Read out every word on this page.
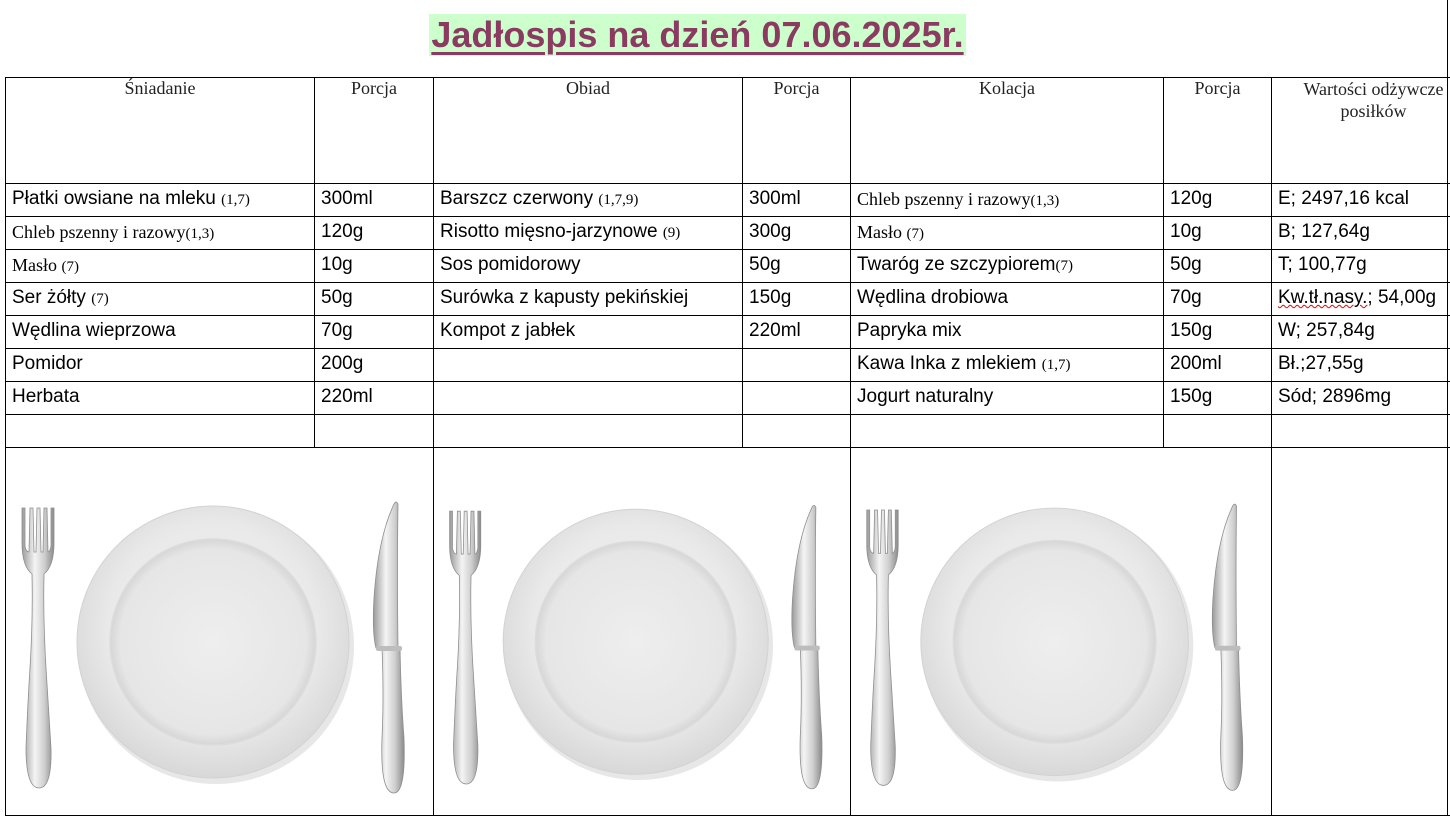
Jadłospis na dzień 07.06.2025r.
Śniadanie	Porcja	Obiad	Porcja	Kolacja	Porcja	Wartości odżywcze posiłków
Płatki owsiane na mleku (1,7)	300ml	Barszcz czerwony (1,7,9)	300ml	Chleb pszenny i razowy(1,3)	120g	E; 2497,16 kcal
Chleb pszenny i razowy(1,3)	120g	Risotto mięsno-jarzynowe (9)	300g	Masło (7)	10g	B; 127,64g
Masło (7)	10g	Sos pomidorowy	50g	Twaróg ze szczypiorem(7)	50g	T; 100,77g
Ser żółty (7)	50g	Surówka z kapusty pekińskiej	150g	Wędlina drobiowa	70g	Kw.tł.nasy.; 54,00g
Wędlina wieprzowa	70g	Kompot z jabłek	220ml	Papryka mix	150g	W; 257,84g
Pomidor	200g			Kawa Inka z mlekiem (1,7)	200ml	Bł.;27,55g
Herbata	220ml			Jogurt naturalny	150g	Sód; 2896mg
